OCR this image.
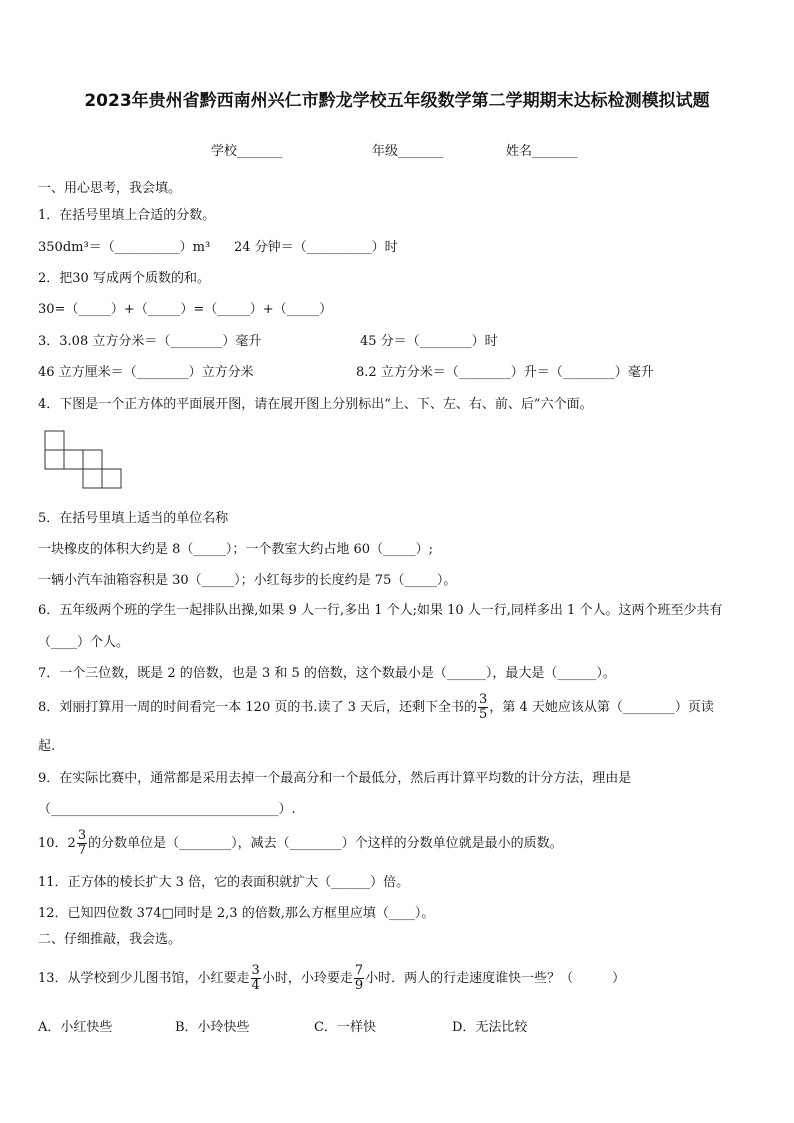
2023年贵州省黔西南州兴仁市黔龙学校五年级数学第二学期期末达标检测模拟试题
学校_______	年级_______	姓名_______
一、用心思考，我会填。
1．在括号里填上合适的分数。
350dm³＝（__________）m³ 24 分钟＝（__________）时
2．把30 写成两个质数的和。
30=（_____）+（_____）=（_____）+（_____）
3．3.08 立方分米＝（________）毫升	45 分＝（________）时
46 立方厘米＝（________）立方分米	8.2 立方分米＝（________）升＝（________）毫升
4．下图是一个正方体的平面展开图，请在展开图上分别标出“上、下、左、右、前、后”六个面。
5．在括号里填上适当的单位名称
一块橡皮的体积大约是 8（_____）；一个教室大约占地 60（_____）;
一辆小汽车油箱容积是 30（_____）；小红每步的长度约是 75（_____）。
6．五年级两个班的学生一起排队出操,如果 9 人一行,多出 1 个人;如果 10 人一行,同样多出 1 个人。这两个班至少共有
（____）个人。
7．一个三位数，既是 2 的倍数，也是 3 和 5 的倍数，这个数最小是（______），最大是（______）。
8．刘丽打算用一周的时间看完一本 120 页的书.读了 3 天后，还剩下全书的 $\frac{3}{5}$ ，第 4 天她应该从第（________）页读
起.
9．在实际比赛中，通常都是采用去掉一个最高分和一个最低分，然后再计算平均数的计分方法，理由是
（___________________________________）.
10．$2 \frac{3}{7}$ 的分数单位是（________），减去（________）个这样的分数单位就是最小的质数。
11．正方体的棱长扩大 3 倍，它的表面积就扩大（______）倍。
12．已知四位数 374□同时是 2,3 的倍数,那么方框里应填（____）。
二、仔细推敲，我会选。
13．从学校到少儿图书馆，小红要走 $\frac{3}{4}$ 小时，小玲要走 $\frac{7}{9}$ 小时．两人的行走速度谁快一些？（　　　）
A．小红快些	B．小玲快些	C．一样快	D．无法比较
